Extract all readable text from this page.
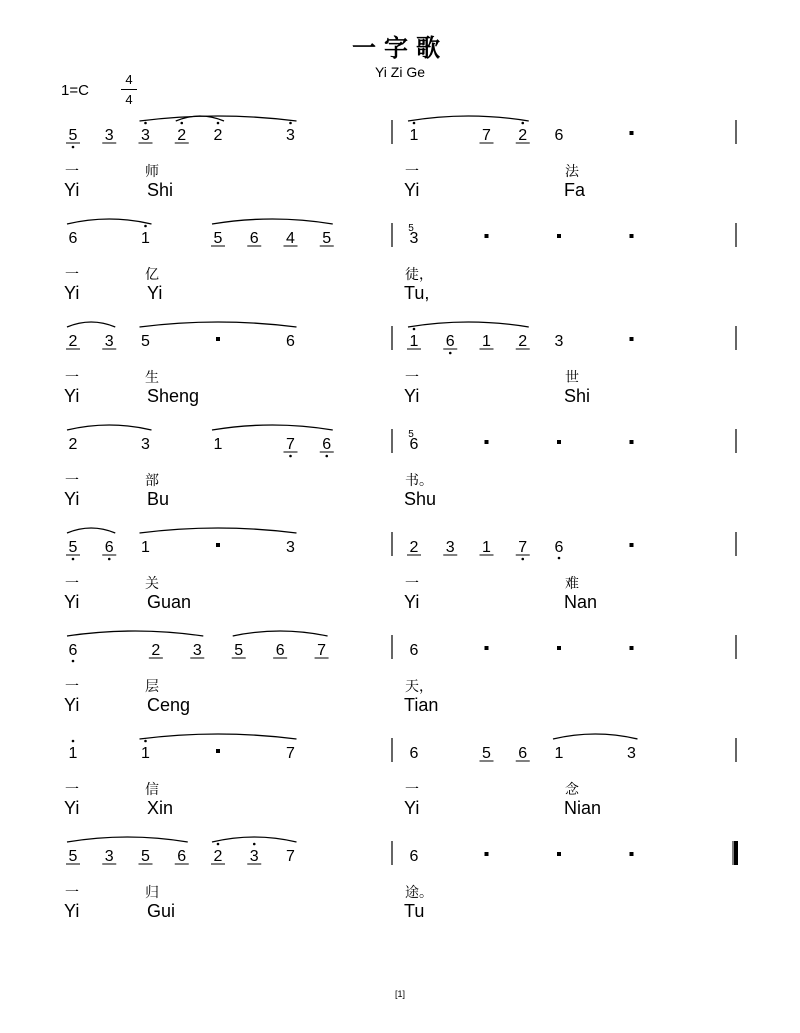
一字歌
Yi Zi Ge
1=C
4
4
5 3 3 2 2	3	1	7 2 6
一
Yi
师
Shi
一
Yi
法
Fa
6	1	5 6 4 5	3
5
一
Yi
亿
Yi
徒，
Tu,
2 3 5	6	1 6 1 2 3
一
Yi
生
Sheng
一
Yi
世
Shi
2	3	1	7 6	6
5
一
Yi
部
Bu
书。
Shu
5 6 1	3	2 3 1 7 6
一
Yi
关
Guan
一
Yi
难
Nan
6	2 3 5 6 7	6
一
Yi
层
Ceng
天，
Tian
1	1	7	6	5 6 1	3
一
Yi
信
Xin
一
Yi
念
Nian
5 3 5 6 2 3 7	6
一
Yi
归
Gui
途。
Tu
[1]
